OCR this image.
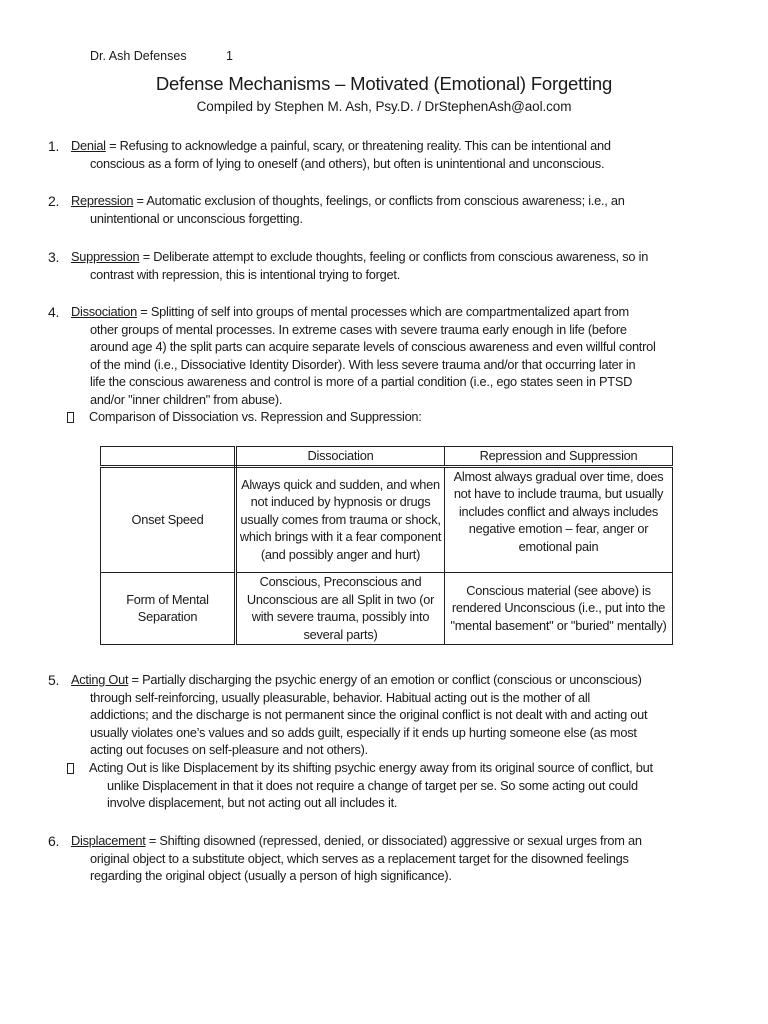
Dr. Ash Defenses	1
Defense Mechanisms – Motivated (Emotional) Forgetting
Compiled by Stephen M. Ash, Psy.D. / DrStephenAsh@aol.com
1. Denial = Refusing to acknowledge a painful, scary, or threatening reality. This can be intentional and
conscious as a form of lying to oneself (and others), but often is unintentional and unconscious.
2. Repression = Automatic exclusion of thoughts, feelings, or conflicts from conscious awareness; i.e., an
unintentional or unconscious forgetting.
3. Suppression = Deliberate attempt to exclude thoughts, feeling or conflicts from conscious awareness, so in
contrast with repression, this is intentional trying to forget.
4. Dissociation = Splitting of self into groups of mental processes which are compartmentalized apart from
other groups of mental processes. In extreme cases with severe trauma early enough in life (before
around age 4) the split parts can acquire separate levels of conscious awareness and even willful control
of the mind (i.e., Dissociative Identity Disorder). With less severe trauma and/or that occurring later in
life the conscious awareness and control is more of a partial condition (i.e., ego states seen in PTSD
and/or "inner children" from abuse).
Comparison of Dissociation vs. Repression and Suppression:
	Dissociation	Repression and Suppression
Onset Speed	Always quick and sudden, and when not induced by hypnosis or drugs usually comes from trauma or shock, which brings with it a fear component (and possibly anger and hurt)	Almost always gradual over time, does not have to include trauma, but usually includes conflict and always includes negative emotion – fear, anger or emotional pain
Form of Mental Separation	Conscious, Preconscious and Unconscious are all Split in two (or with severe trauma, possibly into several parts)	Conscious material (see above) is rendered Unconscious (i.e., put into the "mental basement" or "buried" mentally)
5. Acting Out = Partially discharging the psychic energy of an emotion or conflict (conscious or unconscious)
through self-reinforcing, usually pleasurable, behavior. Habitual acting out is the mother of all
addictions; and the discharge is not permanent since the original conflict is not dealt with and acting out
usually violates one’s values and so adds guilt, especially if it ends up hurting someone else (as most
acting out focuses on self-pleasure and not others).
Acting Out is like Displacement by its shifting psychic energy away from its original source of conflict, but
unlike Displacement in that it does not require a change of target per se. So some acting out could
involve displacement, but not acting out all includes it.
6. Displacement = Shifting disowned (repressed, denied, or dissociated) aggressive or sexual urges from an
original object to a substitute object, which serves as a replacement target for the disowned feelings
regarding the original object (usually a person of high significance).
